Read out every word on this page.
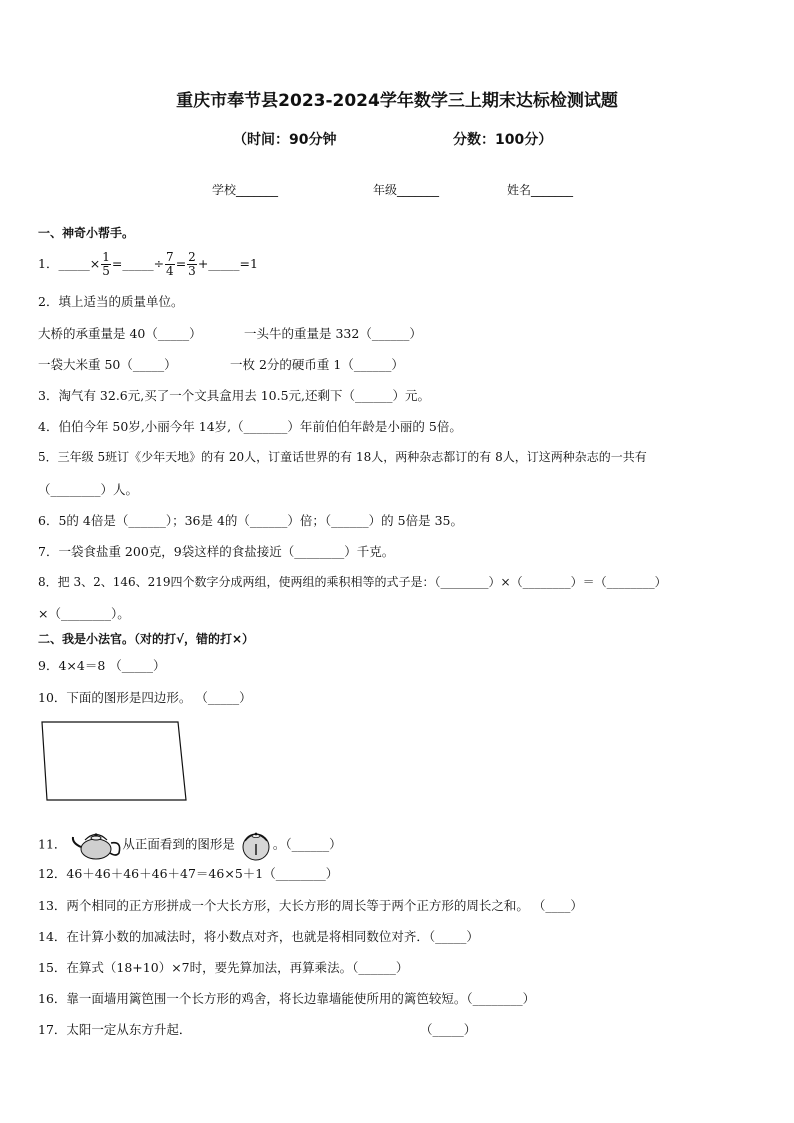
重庆市奉节县2023-2024学年数学三上期末达标检测试题
（时间：90分钟	分数：100分）
学校_______	年级_______	姓名_______
一、神奇小帮手。
1．_____× $\frac{1}{5}$ =_____÷ $\frac{7}{4} = \frac{2}{3}$ +_____=1
2．填上适当的质量单位。
大桥的承重量是 40（_____）	一头牛的重量是 332（______）
一袋大米重 50（_____）	一枚 2分的硬币重 1（______）
3．淘气有 32.6元,买了一个文具盒用去 10.5元,还剩下（______）元。
4．伯伯今年 50岁,小丽今年 14岁,（_______）年前伯伯年龄是小丽的 5倍。
5．三年级 5班订《少年天地》的有 20人，订童话世界的有 18人，两种杂志都订的有 8人，订这两种杂志的一共有
（________）人。
6．5的 4倍是（______）；36是 4的（______）倍；（______）的 5倍是 35。
7．一袋食盐重 200克，9袋这样的食盐接近（________）千克。
8．把 3、2、146、219四个数字分成两组，使两组的乘积相等的式子是：（________）×（________）＝（________）
×（________）。
二、我是小法官。（对的打√，错的打×）
9．4×4＝8 （_____）
10．下面的图形是四边形。 （_____）
11．	从正面看到的图形是	。（______）
12．46＋46＋46＋46＋47＝46×5＋1（________）
13．两个相同的正方形拼成一个大长方形，大长方形的周长等于两个正方形的周长之和。 （____）
14．在计算小数的加减法时，将小数点对齐，也就是将相同数位对齐．（_____）
15．在算式（18+10）×7时，要先算加法，再算乘法。（______）
16．靠一面墙用篱笆围一个长方形的鸡舍，将长边靠墙能使所用的篱笆较短。（________）
17．太阳一定从东方升起．	（_____）
